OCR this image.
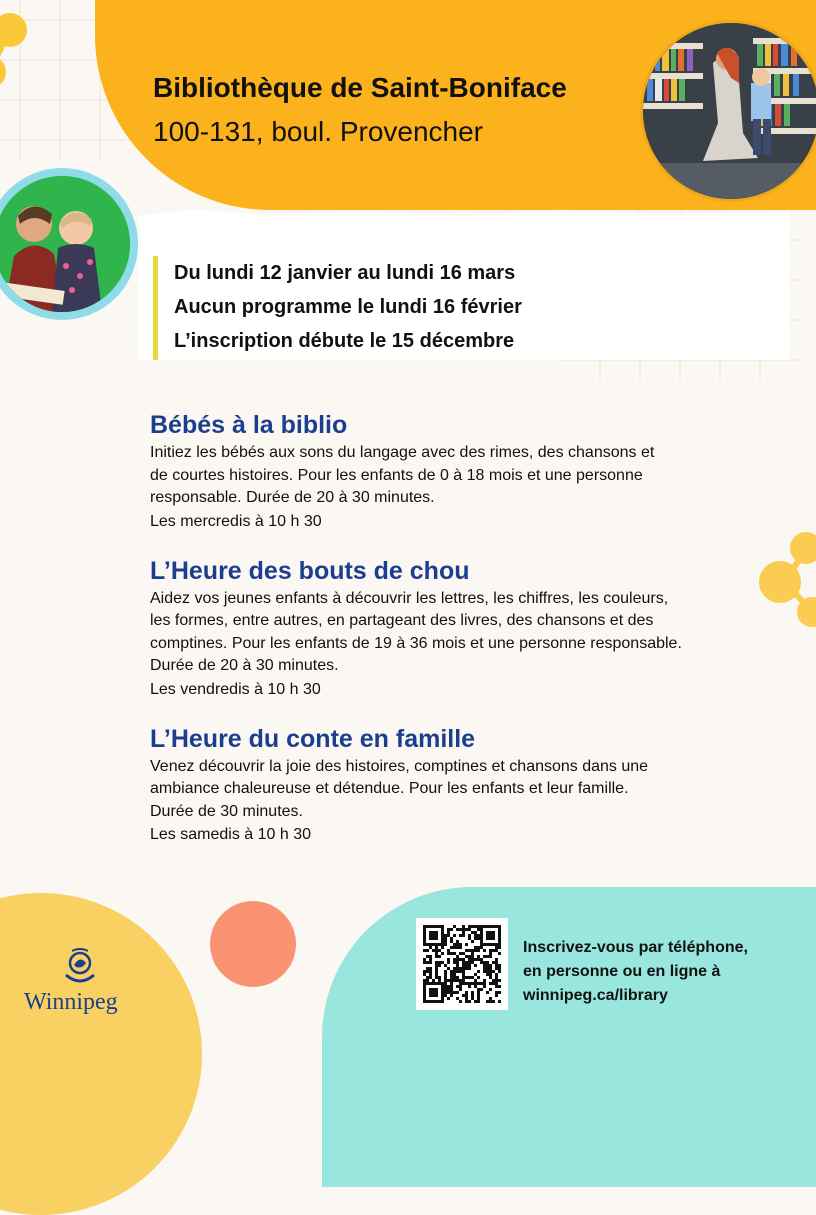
Bibliothèque de Saint-Boniface
100-131, boul. Provencher
Du lundi 12 janvier au lundi 16 mars
Aucun programme le lundi 16 février
L’inscription débute le 15 décembre
Bébés à la biblio

Initiez les bébés aux sons du langage avec des rimes, des chansons et

de courtes histoires. Pour les enfants de 0 à 18 mois et une personne

responsable. Durée de 20 à 30 minutes.

Les mercredis à 10 h 30
L’Heure des bouts de chou

Aidez vos jeunes enfants à découvrir les lettres, les chiffres, les couleurs,

les formes, entre autres, en partageant des livres, des chansons et des

comptines. Pour les enfants de 19 à 36 mois et une personne responsable.

Durée de 20 à 30 minutes.

Les vendredis à 10 h 30
L’Heure du conte en famille

Venez découvrir la joie des histoires, comptines et chansons dans une

ambiance chaleureuse et détendue. Pour les enfants et leur famille.

Durée de 30 minutes.

Les samedis à 10 h 30
Winnipeg
Inscrivez-vous par téléphone,
en personne ou en ligne à
winnipeg.ca/library
